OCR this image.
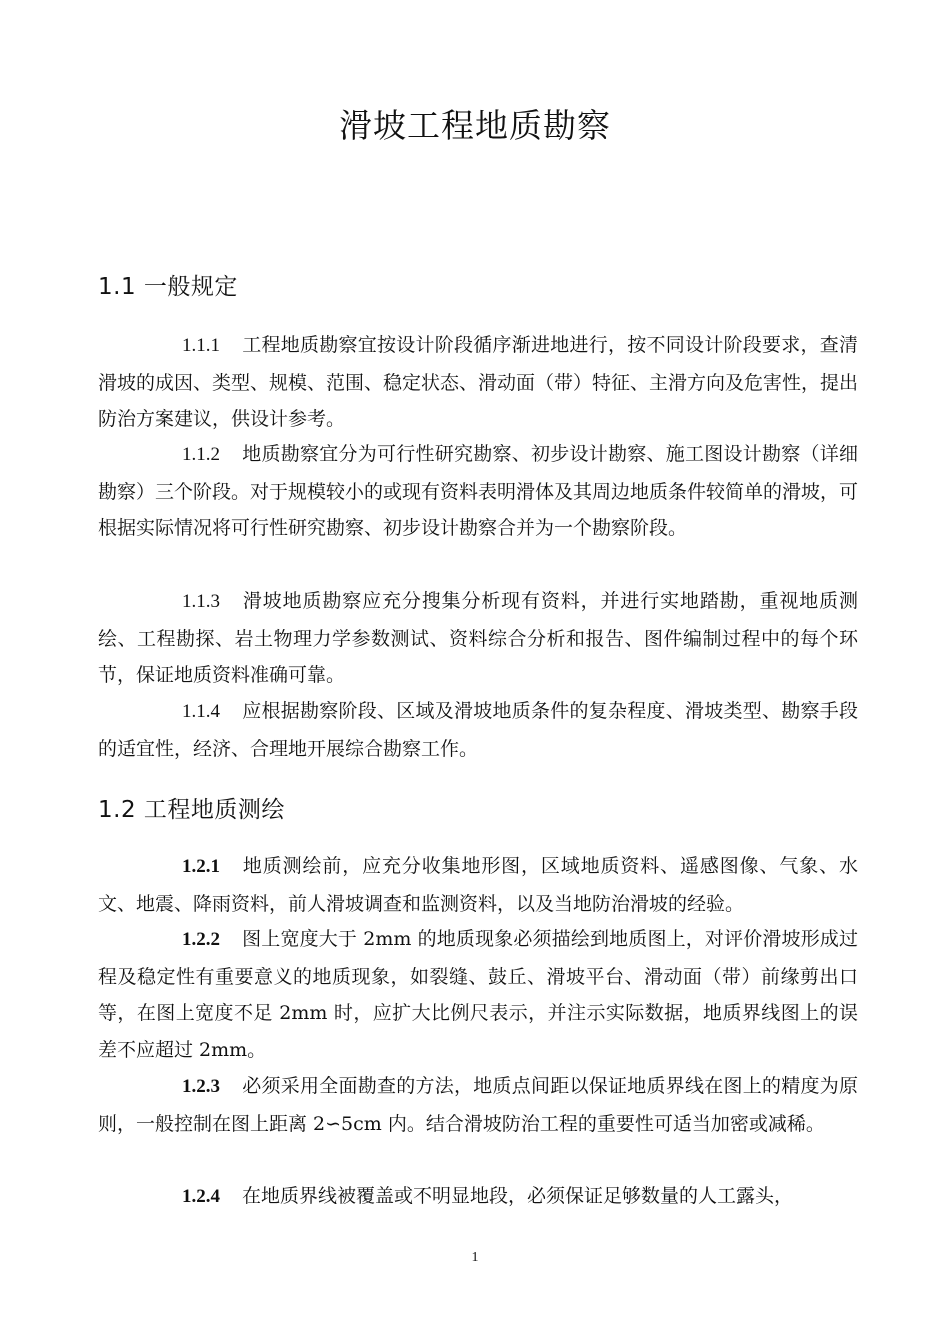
滑坡工程地质勘察
1.1 一般规定

1.1.1 工程地质勘察宜按设计阶段循序渐进地进行，按不同设计阶段要求，查清滑坡的成因、类型、规模、范围、稳定状态、滑动面（带）特征、主滑方向及危害性，提出防治方案建议，供设计参考。

1.1.2 地质勘察宜分为可行性研究勘察、初步设计勘察、施工图设计勘察（详细勘察）三个阶段。对于规模较小的或现有资料表明滑体及其周边地质条件较简单的滑坡，可根据实际情况将可行性研究勘察、初步设计勘察合并为一个勘察阶段。

1.1.3 滑坡地质勘察应充分搜集分析现有资料，并进行实地踏勘，重视地质测绘、工程勘探、岩土物理力学参数测试、资料综合分析和报告、图件编制过程中的每个环节，保证地质资料准确可靠。

1.1.4 应根据勘察阶段、区域及滑坡地质条件的复杂程度、滑坡类型、勘察手段的适宜性，经济、合理地开展综合勘察工作。

1.2 工程地质测绘

1.2.1 地质测绘前，应充分收集地形图，区域地质资料、遥感图像、气象、水文、地震、降雨资料，前人滑坡调查和监测资料，以及当地防治滑坡的经验。

1.2.2 图上宽度大于 2mm 的地质现象必须描绘到地质图上，对评价滑坡形成过程及稳定性有重要意义的地质现象，如裂缝、鼓丘、滑坡平台、滑动面（带）前缘剪出口等，在图上宽度不足 2mm 时，应扩大比例尺表示，并注示实际数据，地质界线图上的误差不应超过 2mm。

1.2.3 必须采用全面勘查的方法，地质点间距以保证地质界线在图上的精度为原则，一般控制在图上距离 2∽5cm 内。结合滑坡防治工程的重要性可适当加密或减稀。

1.2.4 在地质界线被覆盖或不明显地段，必须保证足够数量的人工露头，

1
